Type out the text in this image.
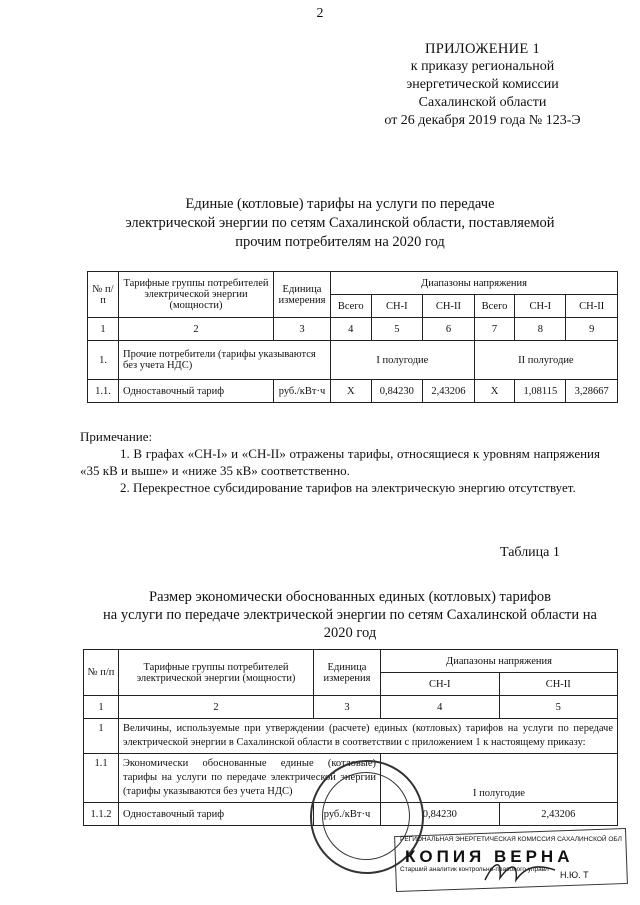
2
ПРИЛОЖЕНИЕ 1
к приказу региональной
энергетической комиссии
Сахалинской области
от 26 декабря 2019 года № 123-Э
Единые (котловые) тарифы на услуги по передаче
электрической энергии по сетям Сахалинской области, поставляемой
прочим потребителям на 2020 год
№ п/п	Тарифные группы потребителей электрической энергии (мощности)	Единица измерения	Диапазоны напряжения					
			Всего	СН-I	СН-II	Всего	СН-I	СН-II
1	2	3	4	5	6	7	8	9
1.	Прочие потребители (тарифы указываются без учета НДС)		I полугодие			II полугодие		
1.1.	Одноставочный тариф	руб./кВт·ч	Х	0,84230	2,43206	Х	1,08115	3,28667
Примечание:
1. В графах «СН-I» и «СН-II» отражены тарифы, относящиеся к уровням напряжения «35 кВ и выше» и «ниже 35 кВ» соответственно.
2. Перекрестное субсидирование тарифов на электрическую энергию отсутствует.
Таблица 1
Размер экономически обоснованных единых (котловых) тарифов
на услуги по передаче электрической энергии по сетям Сахалинской области на
2020 год
№ п/п	Тарифные группы потребителей электрической энергии (мощности)	Единица измерения	Диапазоны напряжения	
			СН-I	СН-II
1	2	3	4	5
1	Величины, используемые при утверждении (расчете) единых (котловых) тарифов на услуги по передаче электрической энергии в Сахалинской области в соответствии с приложением 1 к настоящему приказу:			
1.1	Экономически обоснованные единые (котловые) тарифы на услуги по передаче электрической энергии (тарифы указываются без учета НДС)		I полугодие	
1.1.2	Одноставочный тариф	руб./кВт·ч	0,84230	2,43206
РЕГИОНАЛЬНАЯ ЭНЕРГЕТИЧЕСКАЯ КОМИССИЯ САХАЛИНСКОЙ ОБЛ
КОПИЯ ВЕРНА
Старший аналитик контрольно-правового управл
Н.Ю. Т
